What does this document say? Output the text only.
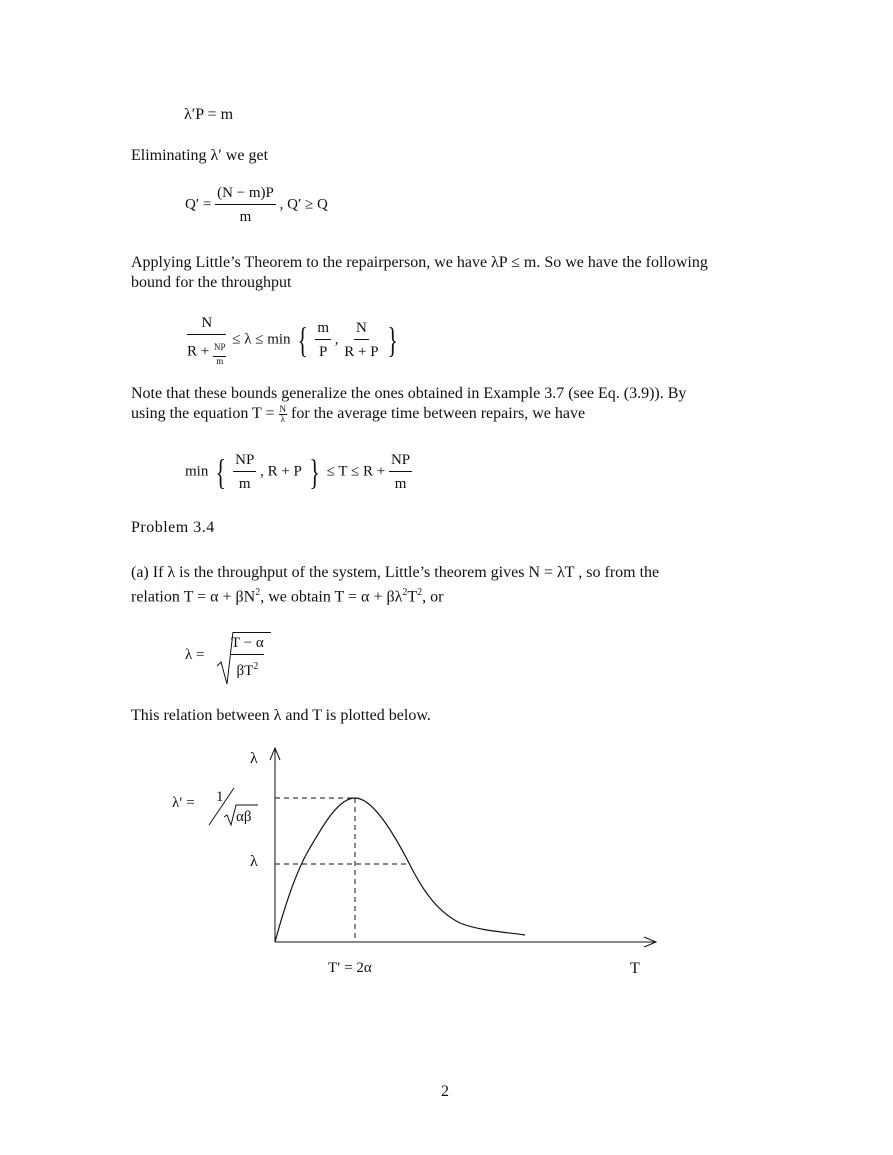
λ′P = m
Eliminating λ′ we get
$Q' = \frac{(N - m)P}{m}$ , Q′ ≥ Q
Applying Little’s Theorem to the repairperson, we have λP ≤ m. So we have the following bound for the throughput
$\frac{N}{R + \frac{NP}{m}} \le \lambda \le \min$ { $\frac{m}{P}$ , $\frac{N}{R + P}$ }
Note that these bounds generalize the ones obtained in Example 3.7 (see Eq. (3.9)). By
using the equation $T = \frac{N}{\lambda}$ for the average time between repairs, we have
min { $\frac{NP}{m}$ , R + P } ≤ $T \le R + \frac{NP}{m}$
Problem 3.4
(a) If λ is the throughput of the system, Little’s theorem gives N = λT , so from the
relation $T = \alpha + \beta N^2$, we obtain $T = \alpha + \beta\lambda^2T^2$, or
$\lambda = \frac{T - \alpha}{\beta T^2}$
This relation between λ and T is plotted below.
λ
T
λ
T′ = 2α
λ′ = 1
αβ
2
